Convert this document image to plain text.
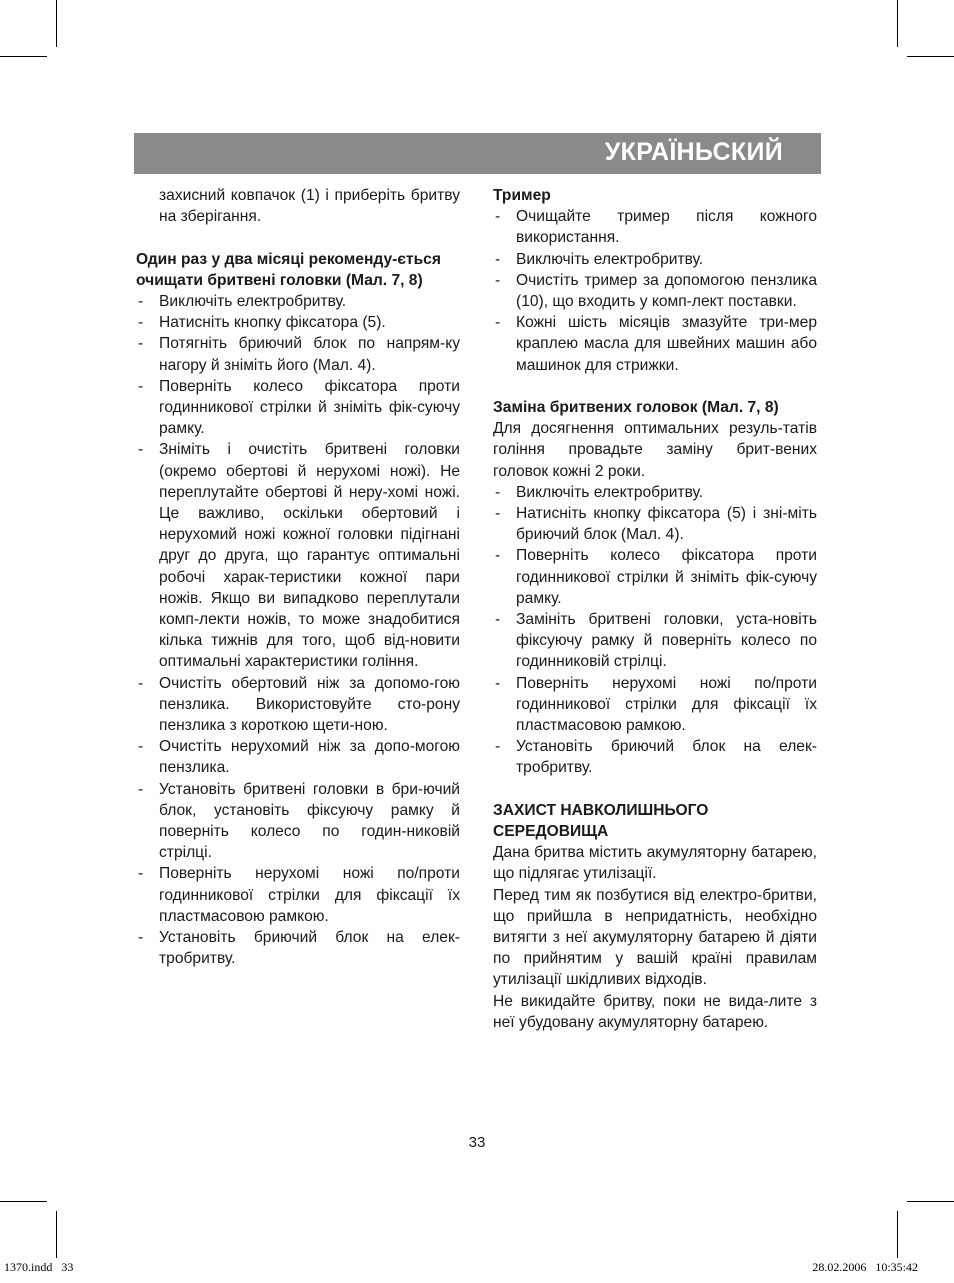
УКРАЇНЬСКИЙ

захисний ковпачок (1) і приберіть бритву на зберігання.

Один раз у два місяці рекоменду-ється очищати бритвені головки (Мал. 7, 8)

- Виключіть електробритву.
- Натисніть кнопку фіксатора (5).
- Потягніть бриючий блок по напрям-ку нагору й зніміть його (Мал. 4).
- Поверніть колесо фіксатора проти годинникової стрілки й зніміть фік-суючу рамку.
- Зніміть і очистіть бритвені головки (окремо обертові й нерухомі ножі). Не переплутайте обертові й неру-хомі ножі. Це важливо, оскільки обертовий і нерухомий ножі кожної головки підігнані друг до друга, що гарантує оптимальні робочі харак-теристики кожної пари ножів. Якщо ви випадково переплутали комп-лекти ножів, то може знадобитися кілька тижнів для того, щоб від-новити оптимальні характеристики гоління.
- Очистіть обертовий ніж за допомо-гою пензлика. Використовуйте сто-рону пензлика з короткою щети-ною.
- Очистіть нерухомий ніж за допо-могою пензлика.
- Установіть бритвені головки в бри-ючий блок, установіть фіксуючу рамку й поверніть колесо по годин-никовій стрілці.
- Поверніть нерухомі ножі по/проти годинникової стрілки для фіксації їх пластмасовою рамкою.
- Установіть бриючий блок на елек-тробритву.

Тример

- Очищайте тример після кожного використання.
- Виключіть електробритву.
- Очистіть тример за допомогою пензлика (10), що входить у комп-лект поставки.
- Кожні шість місяців змазуйте три-мер краплею масла для швейних машин або машинок для стрижки.

Заміна бритвених головок (Мал. 7, 8)

Для досягнення оптимальних резуль-татів гоління провадьте заміну брит-вених головок кожні 2 роки.

- Виключіть електробритву.
- Натисніть кнопку фіксатора (5) і зні-міть бриючий блок (Мал. 4).
- Поверніть колесо фіксатора проти годинникової стрілки й зніміть фік-суючу рамку.
- Замініть бритвені головки, уста-новіть фіксуючу рамку й поверніть колесо по годинниковій стрілці.
- Поверніть нерухомі ножі по/проти годинникової стрілки для фіксації їх пластмасовою рамкою.
- Установіть бриючий блок на елек-тробритву.

ЗАХИСТ НАВКОЛИШНЬОГО СЕРЕДОВИЩА

Дана бритва містить акумуляторну батарею, що підлягає утилізації.

Перед тим як позбутися від електро-бритви, що прийшла в непридатність, необхідно витягти з неї акумуляторну батарею й діяти по прийнятим у вашій країні правилам утилізації шкідливих відходів.

Не викидайте бритву, поки не вида-лите з неї убудовану акумуляторну батарею.

33
1370.indd   33	28.02.2006   10:35:42
